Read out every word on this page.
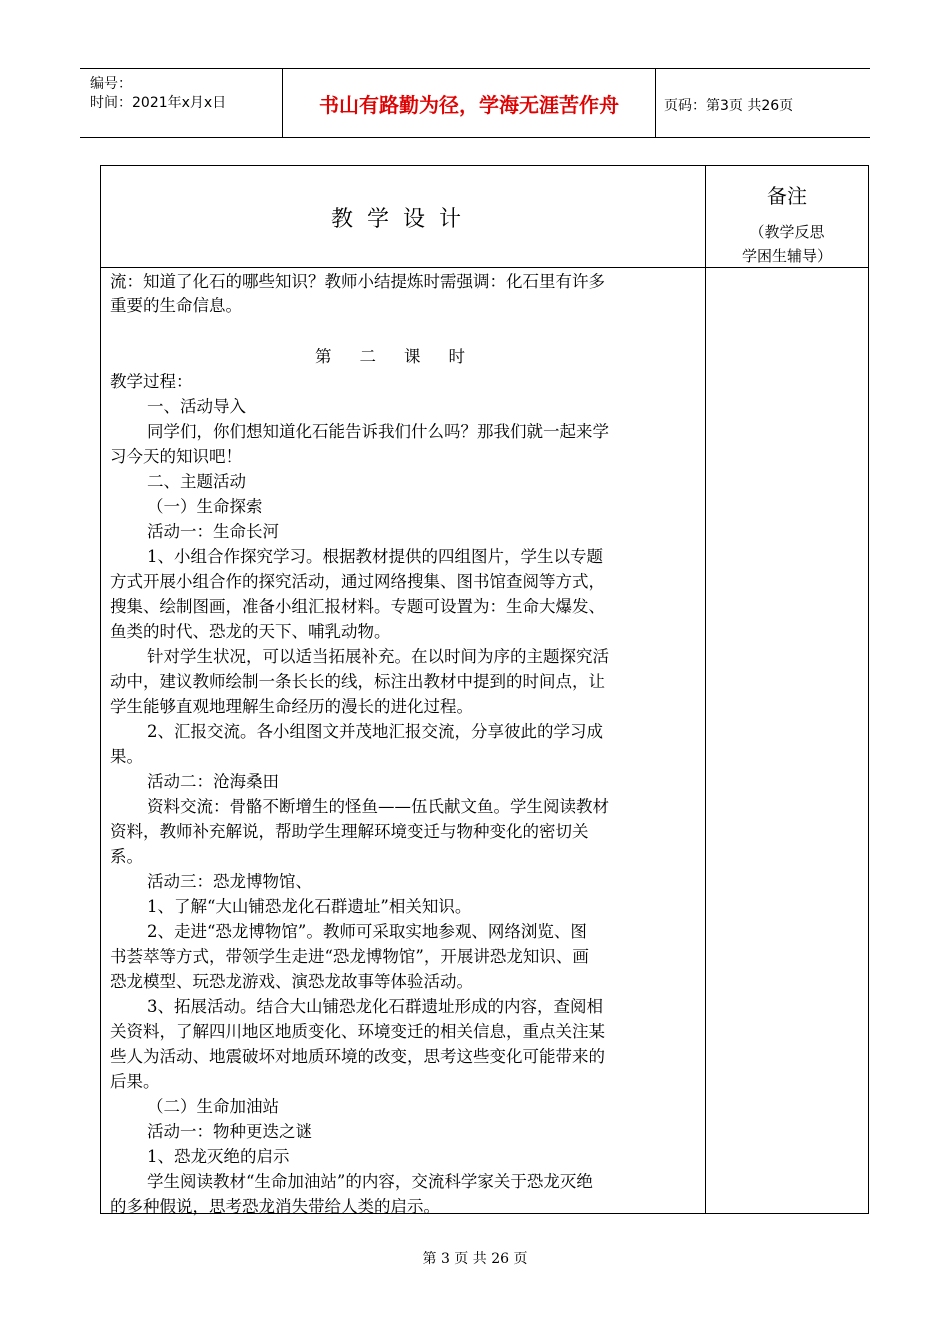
编号：
时间：2021年x月x日	书山有路勤为径，学海无涯苦作舟	页码：第3页 共26页
教学设计
备注
（教学反思
学困生辅导）
流：知道了化石的哪些知识？教师小结提炼时需强调：化石里有许多
重要的生命信息。
第二课时
教学过程：
一、活动导入
同学们，你们想知道化石能告诉我们什么吗？那我们就一起来学
习今天的知识吧！
二、主题活动
（一）生命探索
活动一：生命长河
1、小组合作探究学习。根据教材提供的四组图片，学生以专题
方式开展小组合作的探究活动，通过网络搜集、图书馆查阅等方式，
搜集、绘制图画，准备小组汇报材料。专题可设置为：生命大爆发、
鱼类的时代、恐龙的天下、哺乳动物。
针对学生状况，可以适当拓展补充。在以时间为序的主题探究活
动中，建议教师绘制一条长长的线，标注出教材中提到的时间点，让
学生能够直观地理解生命经历的漫长的进化过程。
2、汇报交流。各小组图文并茂地汇报交流，分享彼此的学习成
果。
活动二：沧海桑田
资料交流：骨骼不断增生的怪鱼——伍氏献文鱼。学生阅读教材
资料，教师补充解说，帮助学生理解环境变迁与物种变化的密切关
系。
活动三：恐龙博物馆、
1、了解“大山铺恐龙化石群遗址”相关知识。
2、走进“恐龙博物馆”。教师可采取实地参观、网络浏览、图
书荟萃等方式，带领学生走进“恐龙博物馆”，开展讲恐龙知识、画
恐龙模型、玩恐龙游戏、演恐龙故事等体验活动。
3、拓展活动。结合大山铺恐龙化石群遗址形成的内容，查阅相
关资料，了解四川地区地质变化、环境变迁的相关信息，重点关注某
些人为活动、地震破坏对地质环境的改变，思考这些变化可能带来的
后果。
（二）生命加油站
活动一：物种更迭之谜
1、恐龙灭绝的启示
学生阅读教材“生命加油站”的内容，交流科学家关于恐龙灭绝
的多种假说，思考恐龙消失带给人类的启示。
第 3 页 共 26 页
